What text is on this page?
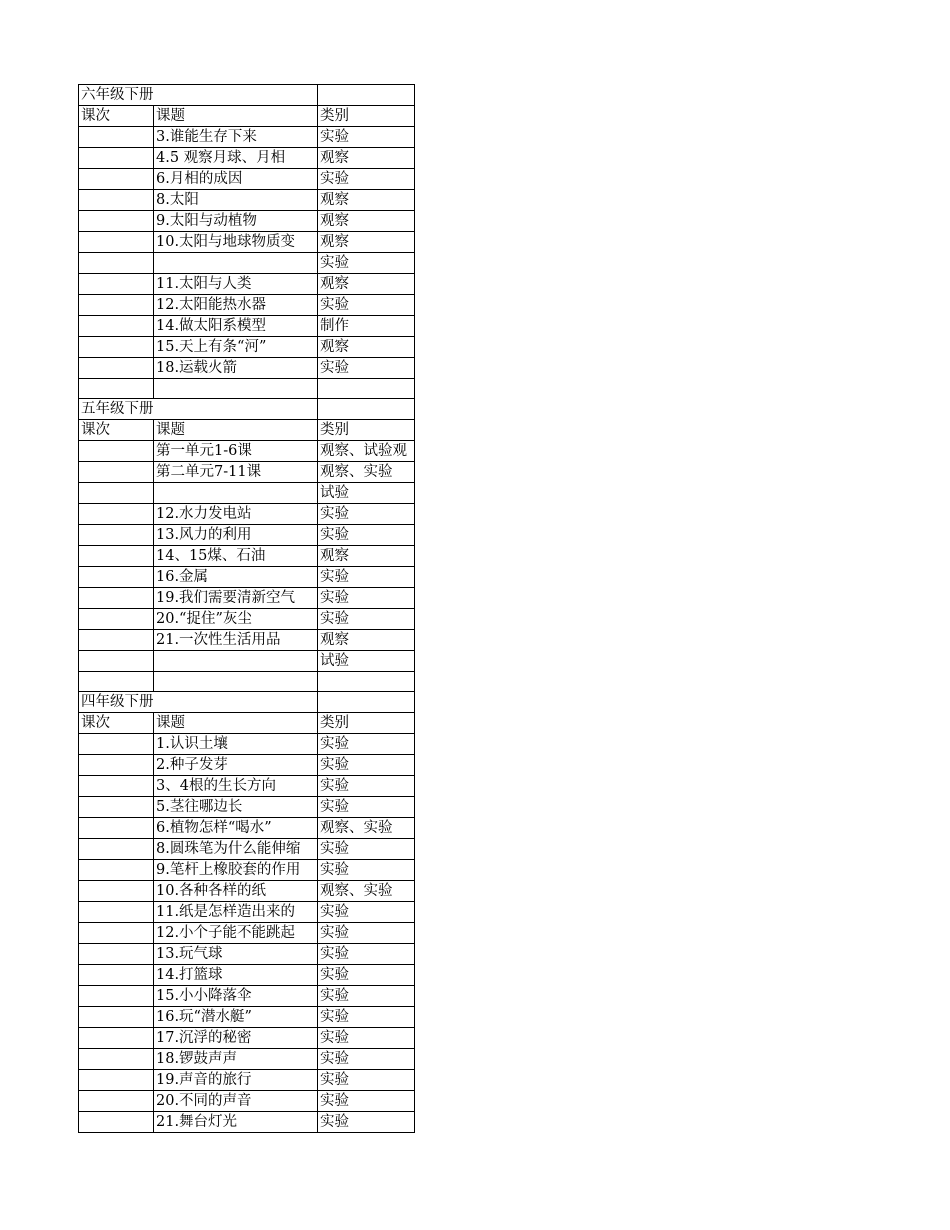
六年级下册		
课次	课题	类别
	3.谁能生存下来	实验
	4.5 观察月球、月相	观察
	6.月相的成因	实验
	8.太阳	观察
	9.太阳与动植物	观察
	10.太阳与地球物质变	观察
		实验
	11.太阳与人类	观察
	12.太阳能热水器	实验
	14.做太阳系模型	制作
	15.天上有条“河”	观察
	18.运载火箭	实验

五年级下册		
课次	课题	类别
	第一单元1-6课	观察、试验观
	第二单元7-11课	观察、实验
		试验
	12.水力发电站	实验
	13.风力的利用	实验
	14、15煤、石油	观察
	16.金属	实验
	19.我们需要清新空气	实验
	20.“捉住”灰尘	实验
	21.一次性生活用品	观察
		试验

四年级下册		
课次	课题	类别
	1.认识土壤	实验
	2.种子发芽	实验
	3、4根的生长方向	实验
	5.茎往哪边长	实验
	6.植物怎样“喝水”	观察、实验
	8.圆珠笔为什么能伸缩	实验
	9.笔杆上橡胶套的作用	实验
	10.各种各样的纸	观察、实验
	11.纸是怎样造出来的	实验
	12.小个子能不能跳起	实验
	13.玩气球	实验
	14.打篮球	实验
	15.小小降落伞	实验
	16.玩“潜水艇”	实验
	17.沉浮的秘密	实验
	18.锣鼓声声	实验
	19.声音的旅行	实验
	20.不同的声音	实验
	21.舞台灯光	实验
